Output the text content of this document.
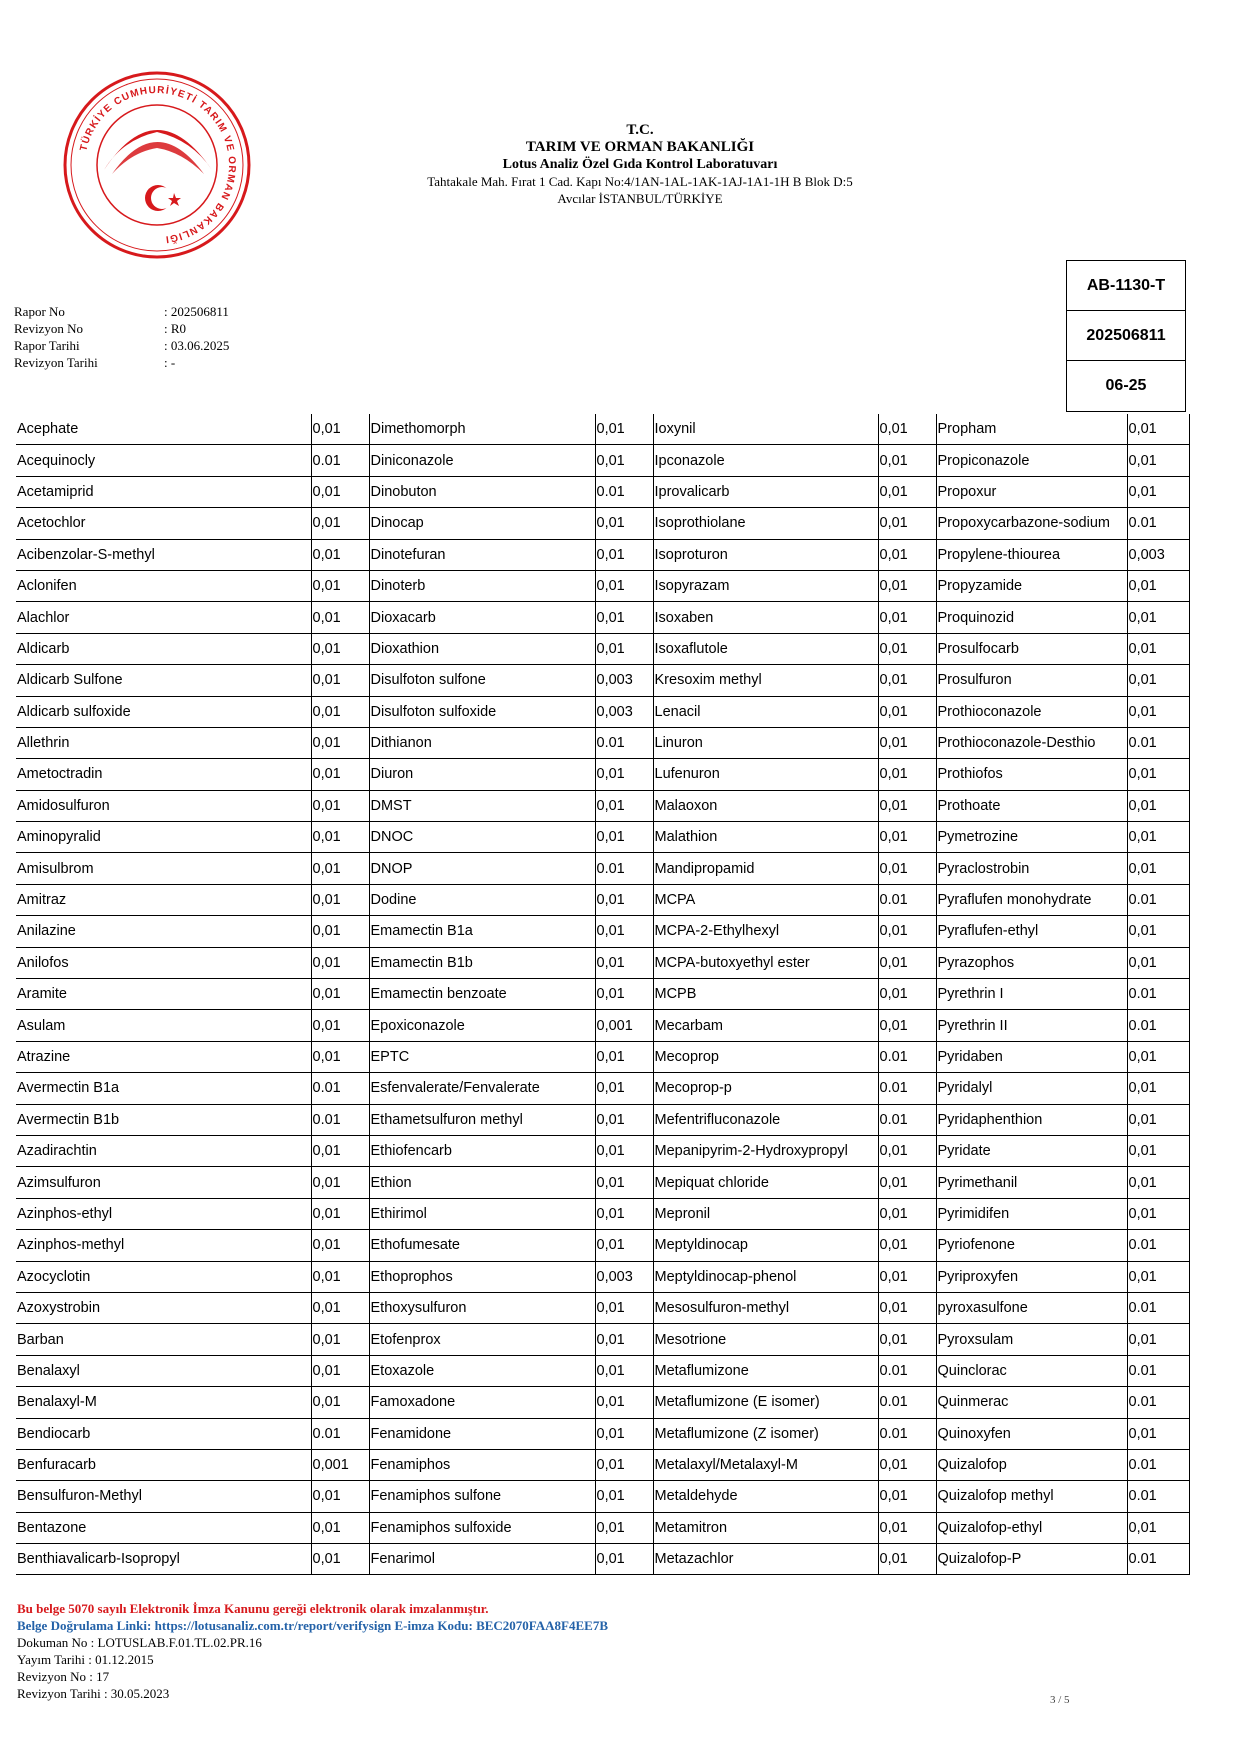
TÜRKİYE CUMHURİYETİ TARIM VE ORMAN BAKANLIĞI
T.C.
TARIM VE ORMAN BAKANLIĞI
Lotus Analiz Özel Gıda Kontrol Laboratuvarı
Tahtakale Mah. Fırat 1 Cad. Kapı No:4/1AN-1AL-1AK-1AJ-1A1-1H B Blok D:5
Avcılar İSTANBUL/TÜRKİYE
Rapor No	: 202506811
Revizyon No	: R0
Rapor Tarihi	: 03.06.2025
Revizyon Tarihi	: -
AB-1130-T
202506811
06-25
Acephate	0,01	Dimethomorph	0,01	Ioxynil	0,01	Propham	0,01
Acequinocly	0.01	Diniconazole	0,01	Ipconazole	0,01	Propiconazole	0,01
Acetamiprid	0,01	Dinobuton	0.01	Iprovalicarb	0,01	Propoxur	0,01
Acetochlor	0,01	Dinocap	0,01	Isoprothiolane	0,01	Propoxycarbazone-sodium	0.01
Acibenzolar-S-methyl	0,01	Dinotefuran	0,01	Isoproturon	0,01	Propylene-thiourea	0,003
Aclonifen	0,01	Dinoterb	0,01	Isopyrazam	0,01	Propyzamide	0,01
Alachlor	0,01	Dioxacarb	0,01	Isoxaben	0,01	Proquinozid	0,01
Aldicarb	0,01	Dioxathion	0,01	Isoxaflutole	0,01	Prosulfocarb	0,01
Aldicarb Sulfone	0,01	Disulfoton sulfone	0,003	Kresoxim methyl	0,01	Prosulfuron	0,01
Aldicarb sulfoxide	0,01	Disulfoton sulfoxide	0,003	Lenacil	0,01	Prothioconazole	0,01
Allethrin	0,01	Dithianon	0.01	Linuron	0,01	Prothioconazole-Desthio	0.01
Ametoctradin	0,01	Diuron	0,01	Lufenuron	0,01	Prothiofos	0,01
Amidosulfuron	0,01	DMST	0,01	Malaoxon	0,01	Prothoate	0,01
Aminopyralid	0,01	DNOC	0,01	Malathion	0,01	Pymetrozine	0,01
Amisulbrom	0,01	DNOP	0.01	Mandipropamid	0,01	Pyraclostrobin	0,01
Amitraz	0,01	Dodine	0,01	MCPA	0.01	Pyraflufen monohydrate	0.01
Anilazine	0,01	Emamectin B1a	0,01	MCPA-2-Ethylhexyl	0,01	Pyraflufen-ethyl	0,01
Anilofos	0,01	Emamectin B1b	0,01	MCPA-butoxyethyl ester	0,01	Pyrazophos	0,01
Aramite	0,01	Emamectin benzoate	0,01	MCPB	0,01	Pyrethrin I	0.01
Asulam	0,01	Epoxiconazole	0,001	Mecarbam	0,01	Pyrethrin II	0.01
Atrazine	0,01	EPTC	0,01	Mecoprop	0.01	Pyridaben	0,01
Avermectin B1a	0.01	Esfenvalerate/Fenvalerate	0,01	Mecoprop-p	0.01	Pyridalyl	0,01
Avermectin B1b	0.01	Ethametsulfuron methyl	0,01	Mefentrifluconazole	0.01	Pyridaphenthion	0,01
Azadirachtin	0,01	Ethiofencarb	0,01	Mepanipyrim-2-Hydroxypropyl	0,01	Pyridate	0,01
Azimsulfuron	0,01	Ethion	0,01	Mepiquat chloride	0,01	Pyrimethanil	0,01
Azinphos-ethyl	0,01	Ethirimol	0,01	Mepronil	0,01	Pyrimidifen	0,01
Azinphos-methyl	0,01	Ethofumesate	0,01	Meptyldinocap	0,01	Pyriofenone	0.01
Azocyclotin	0,01	Ethoprophos	0,003	Meptyldinocap-phenol	0,01	Pyriproxyfen	0,01
Azoxystrobin	0,01	Ethoxysulfuron	0,01	Mesosulfuron-methyl	0,01	pyroxasulfone	0.01
Barban	0,01	Etofenprox	0,01	Mesotrione	0,01	Pyroxsulam	0,01
Benalaxyl	0,01	Etoxazole	0,01	Metaflumizone	0.01	Quinclorac	0.01
Benalaxyl-M	0,01	Famoxadone	0,01	Metaflumizone (E isomer)	0.01	Quinmerac	0.01
Bendiocarb	0.01	Fenamidone	0,01	Metaflumizone (Z isomer)	0.01	Quinoxyfen	0,01
Benfuracarb	0,001	Fenamiphos	0,01	Metalaxyl/Metalaxyl-M	0,01	Quizalofop	0.01
Bensulfuron-Methyl	0,01	Fenamiphos sulfone	0,01	Metaldehyde	0,01	Quizalofop methyl	0.01
Bentazone	0,01	Fenamiphos sulfoxide	0,01	Metamitron	0,01	Quizalofop-ethyl	0,01
Benthiavalicarb-Isopropyl	0,01	Fenarimol	0,01	Metazachlor	0,01	Quizalofop-P	0.01
Bu belge 5070 sayılı Elektronik İmza Kanunu gereği elektronik olarak imzalanmıştır.
Belge Doğrulama Linki: https://lotusanaliz.com.tr/report/verifysign E-imza Kodu: BEC2070FAA8F4EE7B
Dokuman No : LOTUSLAB.F.01.TL.02.PR.16
Yayım Tarihi : 01.12.2015
Revizyon No : 17
Revizyon Tarihi : 30.05.2023	3 / 5
